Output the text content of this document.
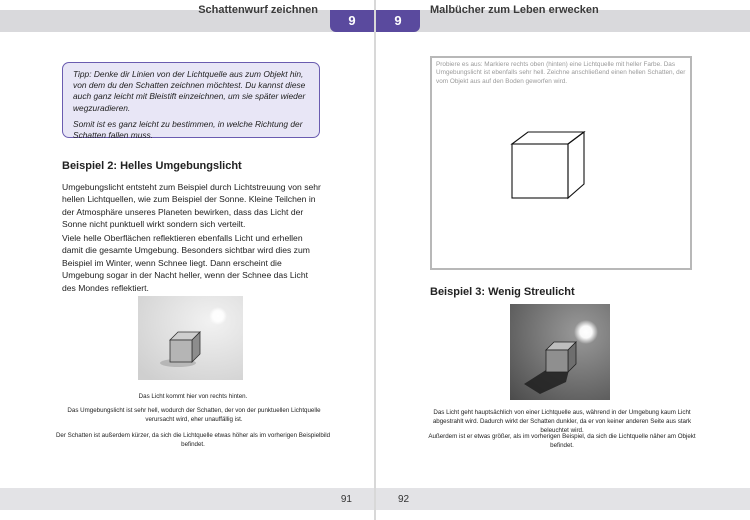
Schattenwurf zeichnen
9

Tipp: Denke dir Linien von der Lichtquelle aus zum Objekt hin, von dem du den Schatten zeichnen möchtest. Du kannst diese auch ganz leicht mit Bleistift einzeichnen, um sie später wieder wegzuradieren.

Somit ist es ganz leicht zu bestimmen, in welche Richtung der Schatten fallen muss.

Beispiel 2: Helles Umgebungslicht
Umgebungslicht entsteht zum Beispiel durch Lichtstreuung von sehr hellen Lichtquellen, wie zum Beispiel der Sonne. Kleine Teilchen in der Atmosphäre unseres Planeten bewirken, dass das Licht der Sonne nicht punktuell wirkt sondern sich verteilt.
Viele helle Oberflächen reflektieren ebenfalls Licht und erhellen damit die gesamte Umgebung. Besonders sichtbar wird dies zum Beispiel im Winter, wenn Schnee liegt. Dann erscheint die Umgebung sogar in der Nacht heller, wenn der Schnee das Licht des Mondes reflektiert.
Das Licht kommt hier von rechts hinten.
Das Umgebungslicht ist sehr hell, wodurch der Schatten, der von der punktuellen Lichtquelle verursacht wird, eher unauffällig ist.
Der Schatten ist außerdem kürzer, da sich die Lichtquelle etwas höher als im vorherigen Beispielbild befindet.
91
9
Malbücher zum Leben erwecken
Probiere es aus: Markiere rechts oben (hinten) eine Lichtquelle mit heller Farbe. Das Umgebungslicht ist ebenfalls sehr hell. Zeichne anschließend einen hellen Schatten, der vom Objekt aus auf den Boden geworfen wird.
Beispiel 3: Wenig Streulicht
Das Licht geht hauptsächlich von einer Lichtquelle aus, während in der Umgebung kaum Licht abgestrahlt wird. Dadurch wirkt der Schatten dunkler, da er von keiner anderen Seite aus stark beleuchtet wird.
Außerdem ist er etwas größer, als im vorherigen Beispiel, da sich die Lichtquelle näher am Objekt befindet.
92
